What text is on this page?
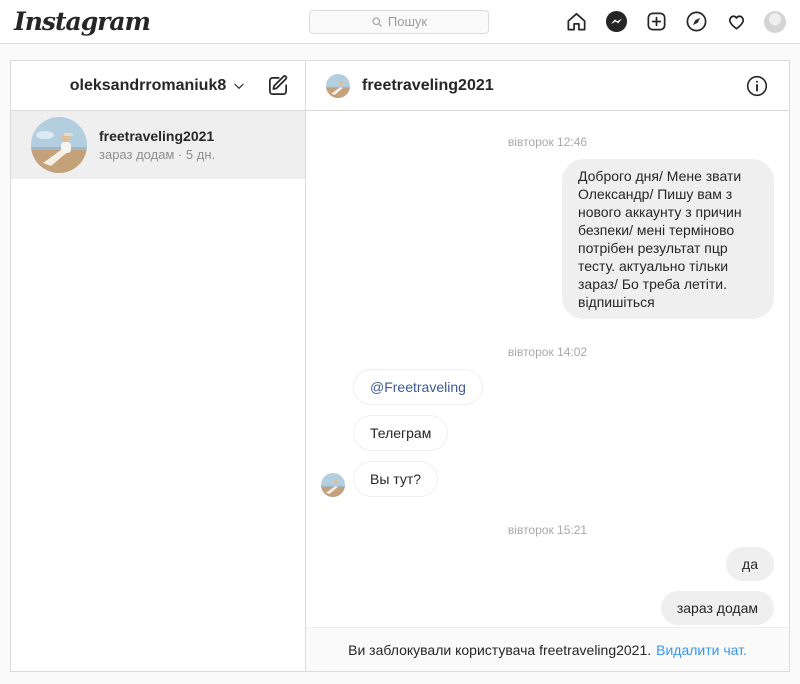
Instagram	Пошук
oleksandrromaniuk8
freetraveling2021
зараз додам · 5 дн.
freetraveling2021
вівторок 12:46
Доброго дня/ Мене звати Олександр/ Пишу вам з нового аккаунту з причин безпеки/ мені терміново потрібен результат пцр тесту. актуально тільки зараз/ Бо треба летіти. відпишіться
вівторок 14:02
@Freetraveling
Телеграм
Вы тут?
вівторок 15:21
да
зараз додам
Ви заблокували користувача freetraveling2021. Видалити чат.
